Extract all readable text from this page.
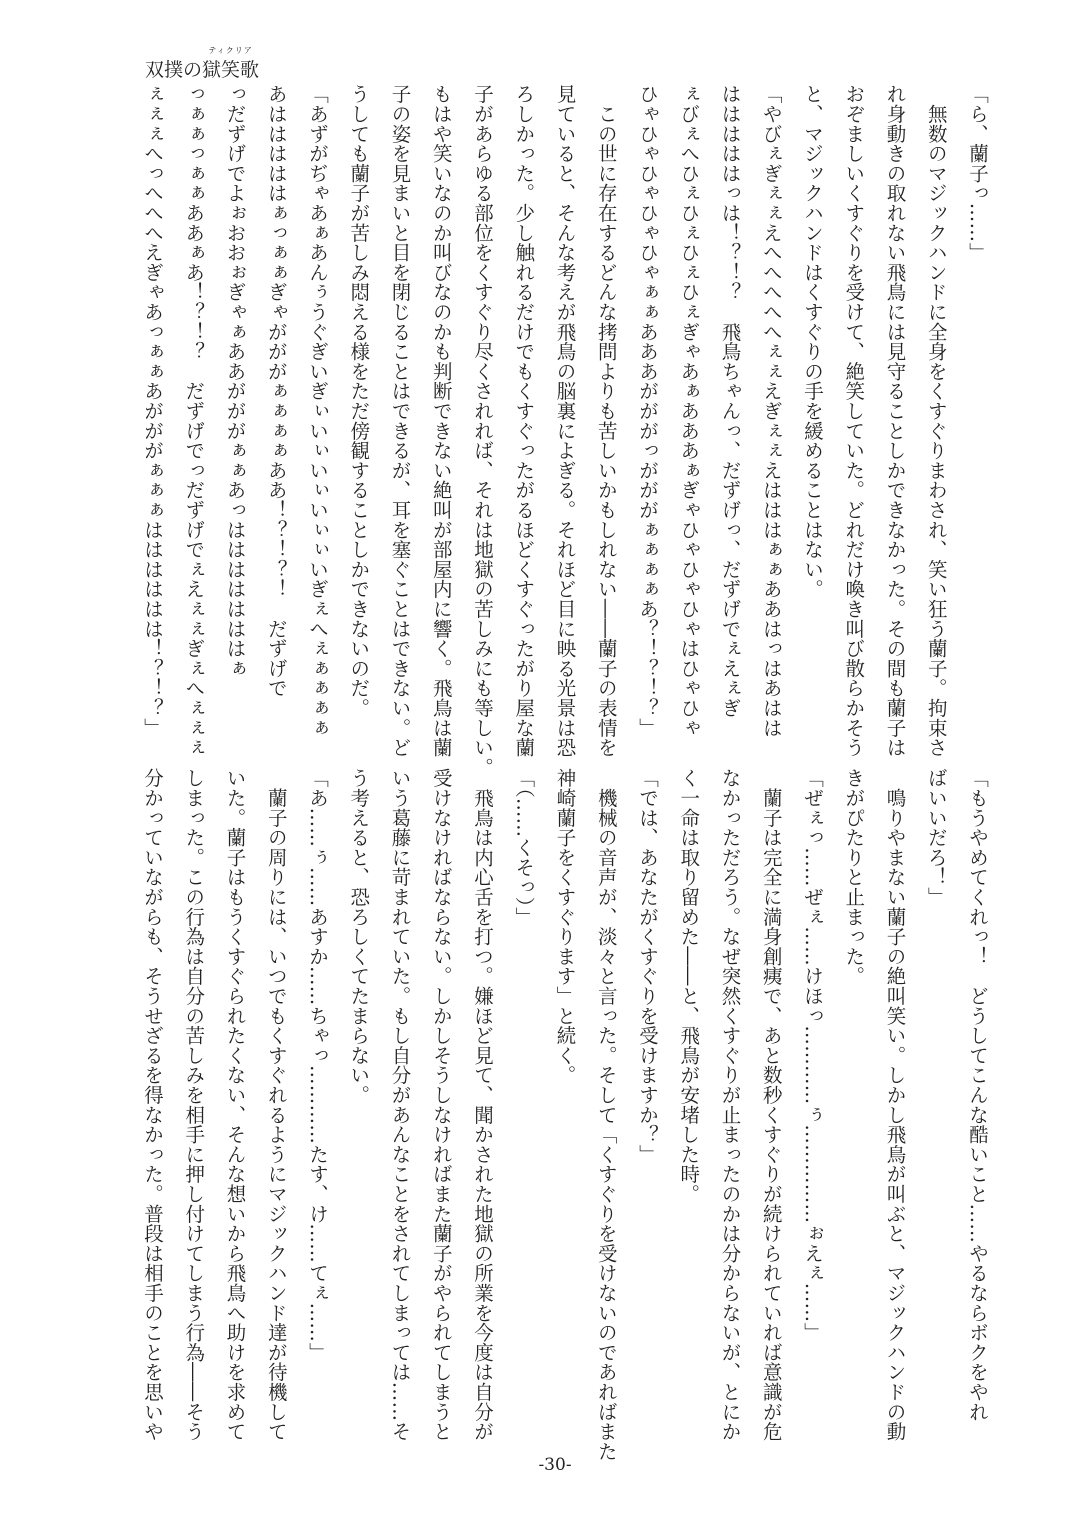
双撲の
ティクリア
獄笑歌
「ら、蘭子っ……」
　無数のマジックハンドに全身をくすぐりまわされ、笑い狂う蘭子。拘束さ
れ身動きの取れない飛鳥には見守ることしかできなかった。その間も蘭子は
おぞましいくすぐりを受けて、絶笑していた。どれだけ喚き叫び散らかそう
と、マジックハンドはくすぐりの手を緩めることはない。
「やびぇぎぇぇえへへへへへぇぇえぎぇぇえはははぁぁああはっはあはは
はははははっは！？！？　飛鳥ちゃんっ、だずげっ、だずげでぇえぇぎ
ぇびぇへひぇひぇひぇひぇぎゃあぁあああぁぎゃひゃひゃひゃはひゃひゃ
ひゃひゃひゃひゃひゃぁぁあああがががっがががぁぁぁぁあ？！？！？」
　この世に存在するどんな拷問よりも苦しいかもしれない――蘭子の表情を
見ていると、そんな考えが飛鳥の脳裏によぎる。それほど目に映る光景は恐
ろしかった。少し触れるだけでもくすぐったがるほどくすぐったがり屋な蘭
子があらゆる部位をくすぐり尽くされれば、それは地獄の苦しみにも等しい。
もはや笑いなのか叫びなのかも判断できない絶叫が部屋内に響く。飛鳥は蘭
子の姿を見まいと目を閉じることはできるが、耳を塞ぐことはできない。ど
うしても蘭子が苦しみ悶える様をただ傍観することしかできないのだ。
「あずがぢゃあぁあんぅうぐぎいぎぃいぃいぃいぃぃいぎぇへぇぁぁぁぁ
あはははははぁっぁぁぎゃがががぁぁぁぁああ！？！？！　だずげで
っだずげでよぉおおぉぎゃぁああがががぁぁあっはははははははぁ
っぁぁっぁぁああぁあ！？！？　だずげでっだずげでぇえぇぇぎぇへぇぇぇ
ぇぇぇへっへへへえぎゃあっぁぁあがががぁぁぁはははははは！？！？」
「もうやめてくれっ！　どうしてこんな酷いこと……やるならボクをやれ
ばいいだろ！」
　鳴りやまない蘭子の絶叫笑い。しかし飛鳥が叫ぶと、マジックハンドの動
きがぴたりと止まった。
「ぜぇっ……ぜぇ……けほっ…………ぅ……………ぉえぇ……」
　蘭子は完全に満身創痍で、あと数秒くすぐりが続けられていれば意識が危
なかっただろう。なぜ突然くすぐりが止まったのかは分からないが、とにか
く一命は取り留めた――と、飛鳥が安堵した時。
「では、あなたがくすぐりを受けますか？」
　機械の音声が、淡々と言った。そして「くすぐりを受けないのであればまた
神崎蘭子をくすぐります」と続く。
「（……くそっ）」
　飛鳥は内心舌を打つ。嫌ほど見て、聞かされた地獄の所業を今度は自分が
受けなければならない。しかしそうしなければまた蘭子がやられてしまうと
いう葛藤に苛まれていた。もし自分があんなことをされてしまっては……そ
う考えると、恐ろしくてたまらない。
「あ……ぅ……あすか……ちゃっ…………たす、け……てぇ……」
　蘭子の周りには、いつでもくすぐれるようにマジックハンド達が待機して
いた。蘭子はもうくすぐられたくない、そんな想いから飛鳥へ助けを求めて
しまった。この行為は自分の苦しみを相手に押し付けてしまう行為――そう
分かっていながらも、そうせざるを得なかった。普段は相手のことを思いや
-30-
